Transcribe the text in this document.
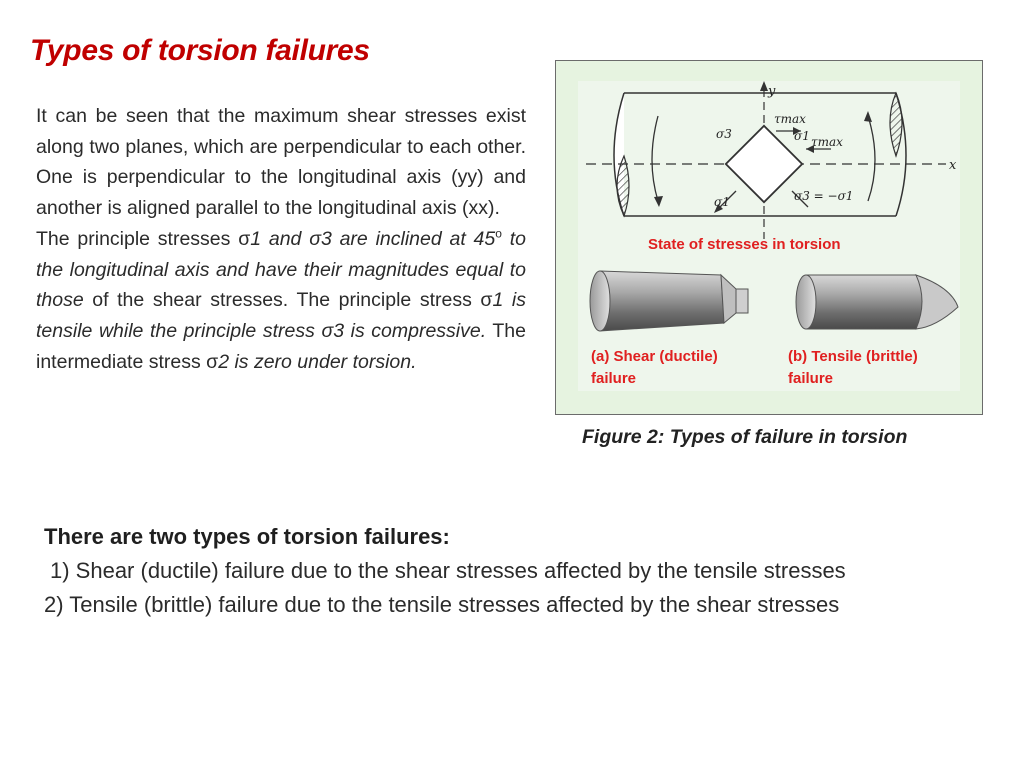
Types of torsion failures

It can be seen that the maximum shear stresses exist along two planes, which are perpendicular to each other. One is perpendicular to the longitudinal axis (yy) and another is aligned parallel to the longitudinal axis (xx).

The principle stresses σ1 and σ3 are inclined at 45$^o$ to the longitudinal axis and have their magnitudes equal to those of the shear stresses. The principle stress σ1 is tensile while the principle stress σ3 is compressive. The intermediate stress σ2 is zero under torsion.

y
x
τmax
τmax
σ3	σ1
σ1	σ3 = −σ1
State of stresses in torsion
(a) Shear (ductile)
failure
(b) Tensile (brittle)
failure

Figure 2: Types of failure in torsion

There are two types of torsion failures:

1) Shear (ductile) failure due to the shear stresses affected by the tensile stresses

2) Tensile (brittle) failure due to the tensile stresses affected by the shear stresses
